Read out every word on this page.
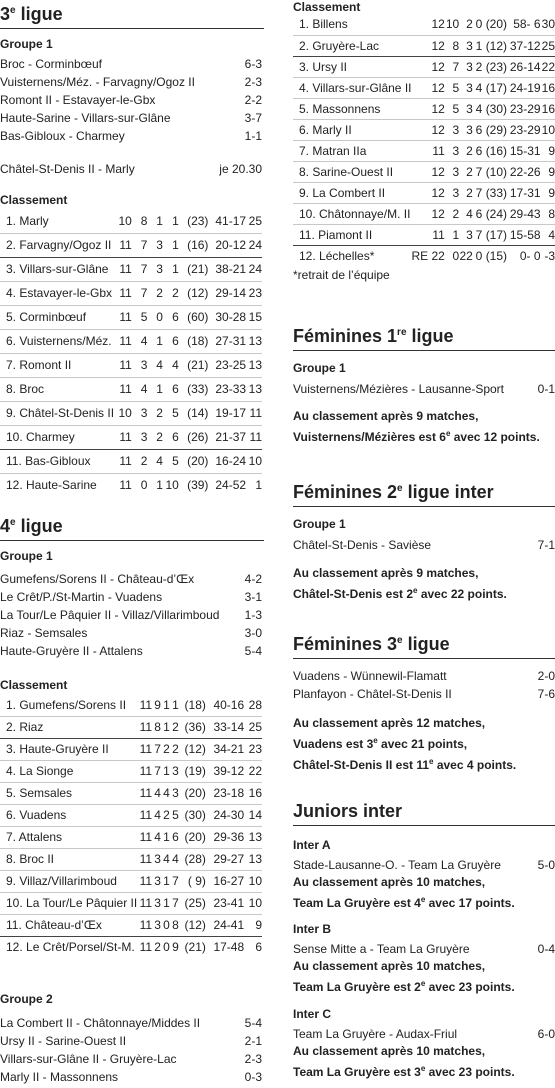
3e ligue
Groupe 1
Broc - Corminbœuf	6-3
Vuisternens/Méz. - Farvagny/Ogoz II	2-3
Romont II - Estavayer-le-Gbx	2-2
Haute-Sarine - Villars-sur-Glâne	3-7
Bas-Gibloux - Charmey	1-1
Châtel-St-Denis II - Marly	je 20.30
Classement
1. Marly	10	8	1	1	(23)	41-17	25
2. Farvagny/Ogoz II	11	7	3	1	(16)	20-12	24
3. Villars-sur-Glâne	11	7	3	1	(21)	38-21	24
4. Estavayer-le-Gbx	11	7	2	2	(12)	29-14	23
5. Corminbœuf	11	5	0	6	(60)	30-28	15
6. Vuisternens/Méz.	11	4	1	6	(18)	27-31	13
7. Romont II	11	3	4	4	(21)	23-25	13
8. Broc	11	4	1	6	(33)	23-33	13
9. Châtel-St-Denis II	10	3	2	5	(14)	19-17	11
10. Charmey	11	3	2	6	(26)	21-37	11
11. Bas-Gibloux	11	2	4	5	(20)	16-24	10
12. Haute-Sarine	11	0	1	10	(39)	24-52	1
4e ligue
Groupe 1
Gumefens/Sorens II - Château-d’Œx	4-2
Le Crêt/P./St-Martin - Vuadens	3-1
La Tour/Le Pâquier II - Villaz/Villarimboud 1-3
Riaz - Semsales	3-0
Haute-Gruyère II - Attalens	5-4
Classement
1. Gumefens/Sorens II	11	9	1	1	(18)	40-16	28
2. Riaz	11	8	1	2	(36)	33-14	25
3. Haute-Gruyère II	11	7	2	2	(12)	34-21	23
4. La Sionge	11	7	1	3	(19)	39-12	22
5. Semsales	11	4	4	3	(20)	23-18	16
6. Vuadens	11	4	2	5	(30)	24-30	14
7. Attalens	11	4	1	6	(20)	29-36	13
8. Broc II	11	3	4	4	(28)	29-27	13
9. Villaz/Villarimboud	11	3	1	7	( 9)	16-27	10
10. La Tour/Le Pâquier II	11	3	1	7	(25)	23-41	10
11. Château-d’Œx	11	3	0	8	(12)	24-41	9
12. Le Crêt/Porsel/St-M.	11	2	0	9	(21)	17-48	6
Groupe 2
La Combert II - Châtonnaye/Middes II	5-4
Ursy II - Sarine-Ouest II	2-1
Villars-sur-Glâne II - Gruyère-Lac	2-3
Marly II - Massonnens	0-3
Classement
1. Billens	12	10	2	0	(20)	58- 6	30
2. Gruyère-Lac	12	8	3	1	(12)	37-12	25
3. Ursy II	12	7	3	2	(23)	26-14	22
4. Villars-sur-Glâne II	12	5	3	4	(17)	24-19	16
5. Massonnens	12	5	3	4	(30)	23-29	16
6. Marly II	12	3	3	6	(29)	23-29	10
7. Matran IIa	11	3	2	6	(16)	15-31	9
8. Sarine-Ouest II	12	3	2	7	(10)	22-26	9
9. La Combert II	12	3	2	7	(33)	17-31	9
10. Châtonnaye/M. II	12	2	4	6	(24)	29-43	8
11. Piamont II	11	1	3	7	(17)	15-58	4
12. Léchelles*	RE 22	0	22	0	(15)	0- 0	-3
*retrait de l’équipe
Féminines 1re ligue
Groupe 1
Vuisternens/Mézières - Lausanne-Sport	0-1
Au classement après 9 matches,
Vuisternens/Mézières est 6e avec 12 points.
Féminines 2e ligue inter
Groupe 1
Châtel-St-Denis - Savièse	7-1
Au classement après 9 matches,
Châtel-St-Denis est 2e avec 22 points.
Féminines 3e ligue
Vuadens - Wünnewil-Flamatt	2-0
Planfayon - Châtel-St-Denis II	7-6
Au classement après 12 matches,
Vuadens est 3e avec 21 points,
Châtel-St-Denis II est 11e avec 4 points.
Juniors inter
Inter A
Stade-Lausanne-O. - Team La Gruyère	5-0
Au classement après 10 matches,
Team La Gruyère est 4e avec 17 points.
Inter B
Sense Mitte a - Team La Gruyère	0-4
Au classement après 10 matches,
Team La Gruyère est 2e avec 23 points.
Inter C
Team La Gruyère - Audax-Friul	6-0
Au classement après 10 matches,
Team La Gruyère est 3e avec 23 points.
